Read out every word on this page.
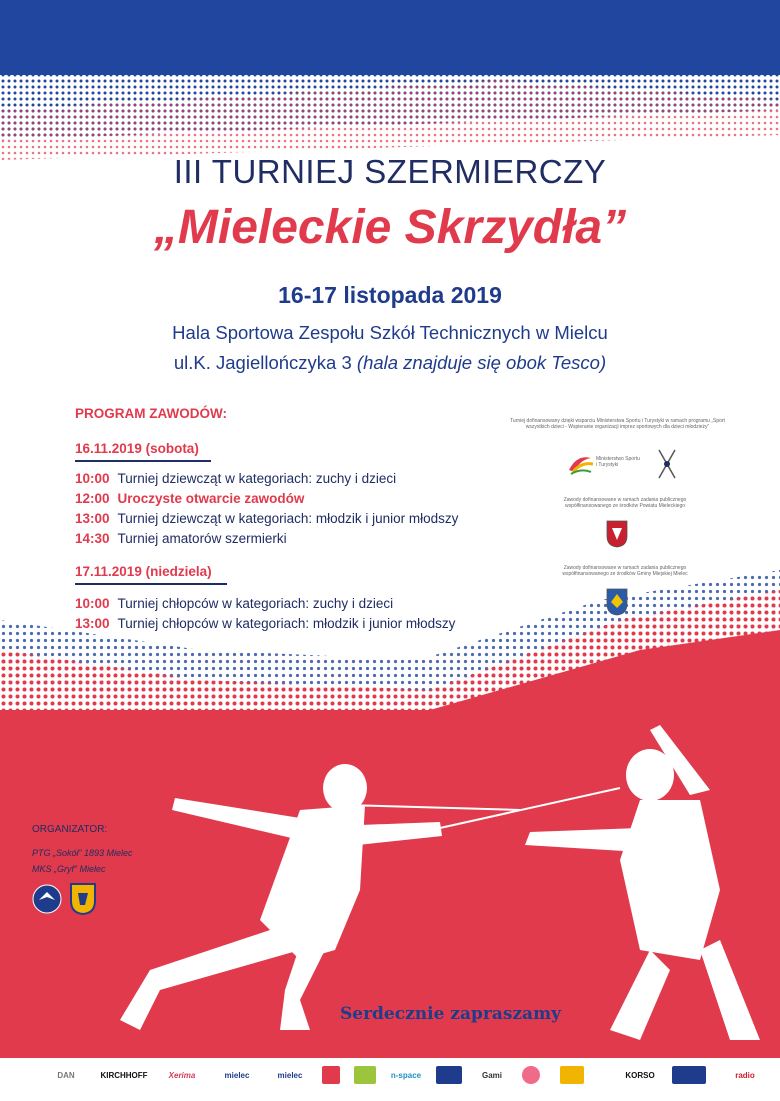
III TURNIEJ SZERMIERCZY
„Mieleckie Skrzydła”
16-17 listopada 2019
Hala Sportowa Zespołu Szkół Technicznych w Mielcu
ul.K. Jagiellończyka 3 (hala znajduje się obok Tesco)
PROGRAM ZAWODÓW:
16.11.2019 (sobota)
10:00 Turniej dziewcząt w kategoriach: zuchy i dzieci
12:00 Uroczyste otwarcie zawodów
13:00 Turniej dziewcząt w kategoriach: młodzik i junior młodszy
14:30 Turniej amatorów szermierki
17.11.2019 (niedziela)
10:00 Turniej chłopców w kategoriach: zuchy i dzieci
13:00 Turniej chłopców w kategoriach: młodzik i junior młodszy
Turniej dofinansowany dzięki wsparciu Ministerstwa Sportu i Turystyki w ramach programu „Sport wszystkich dzieci - Wspieranie organizacji imprez sportowych dla dzieci młodzieży”
Ministerstwo Sportu i Turystyki
Zawody dofinansowane w ramach zadania publicznego współfinansowanego ze środków Powiatu Mieleckiego
Zawody dofinansowane w ramach zadania publicznego współfinansowanego ze środków Gminy Miejskiej Mielec
ORGANIZATOR:
PTG „Sokół” 1893 Mielec
MKS „Gryf” Mielec
Serdecznie zapraszamy
DAN	KIRCHHOFF	Xerima	mielec	mielec	n-space	Gami	KORSO	radio
